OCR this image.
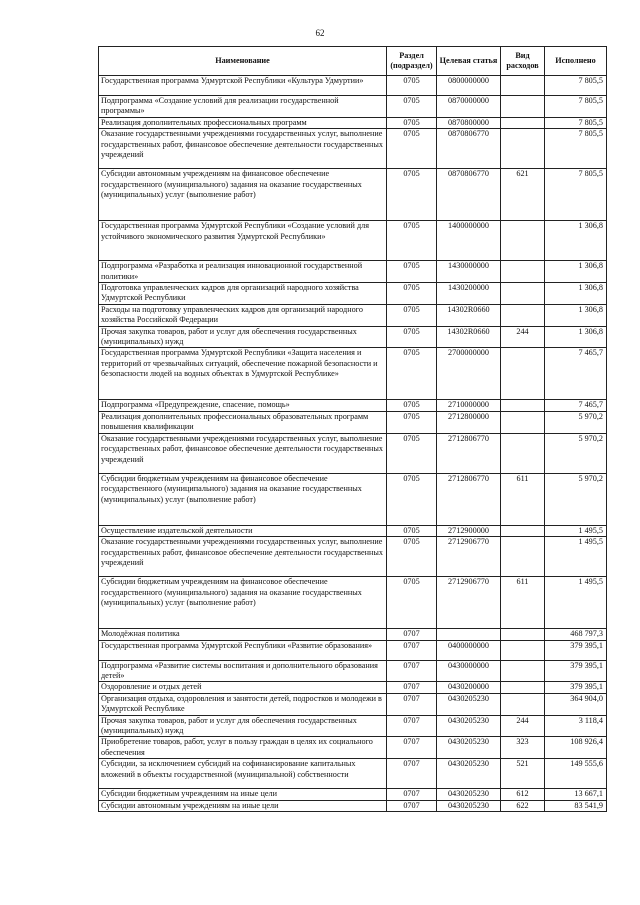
62
Наименование	Раздел (подраздел)	Целевая статья	Вид расходов	Исполнено
Государственная программа Удмуртской Республики «Культура Удмуртии»	0705	0800000000		7 805,5
Подпрограмма «Создание условий для реализации государственной программы»	0705	0870000000		7 805,5
Реализация дополнительных профессиональных программ	0705	0870800000		7 805,5
Оказание государственными учреждениями государственных услуг, выполнение государственных работ, финансовое обеспечение деятельности государственных учреждений	0705	0870806770		7 805,5
Субсидии автономным учреждениям на финансовое обеспечение государственного (муниципального) задания на оказание государственных (муниципальных) услуг (выполнение работ)	0705	0870806770	621	7 805,5
Государственная программа Удмуртской Республики «Создание условий для устойчивого экономического развития Удмуртской Республики»	0705	1400000000		1 306,8
Подпрограмма «Разработка и реализация инновационной государственной политики»	0705	1430000000		1 306,8
Подготовка управленческих кадров для организаций народного хозяйства Удмуртской Республики	0705	1430200000		1 306,8
Расходы на подготовку управленческих кадров для организаций народного хозяйства Российской Федерации	0705	14302R0660		1 306,8
Прочая закупка товаров, работ и услуг для обеспечения государственных (муниципальных) нужд	0705	14302R0660	244	1 306,8
Государственная программа Удмуртской Республики «Защита населения и территорий от чрезвычайных ситуаций, обеспечение пожарной безопасности и безопасности людей на водных объектах в Удмуртской Республике»	0705	2700000000		7 465,7
Подпрограмма «Предупреждение, спасение, помощь»	0705	2710000000		7 465,7
Реализация дополнительных профессиональных образовательных программ повышения квалификации	0705	2712800000		5 970,2
Оказание государственными учреждениями государственных услуг, выполнение государственных работ, финансовое обеспечение деятельности государственных учреждений	0705	2712806770		5 970,2
Субсидии бюджетным учреждениям на финансовое обеспечение государственного (муниципального) задания на оказание государственных (муниципальных) услуг (выполнение работ)	0705	2712806770	611	5 970,2
Осуществление издательской деятельности	0705	2712900000		1 495,5
Оказание государственными учреждениями государственных услуг, выполнение государственных работ, финансовое обеспечение деятельности государственных учреждений	0705	2712906770		1 495,5
Субсидии бюджетным учреждениям на финансовое обеспечение государственного (муниципального) задания на оказание государственных (муниципальных) услуг (выполнение работ)	0705	2712906770	611	1 495,5
Молодёжная политика	0707			468 797,3
Государственная программа Удмуртской Республики «Развитие образования»	0707	0400000000		379 395,1
Подпрограмма «Развитие системы воспитания и дополнительного образования детей»	0707	0430000000		379 395,1
Оздоровление и отдых детей	0707	0430200000		379 395,1
Организация отдыха, оздоровления и занятости детей, подростков и молодежи в Удмуртской Республике	0707	0430205230		364 904,0
Прочая закупка товаров, работ и услуг для обеспечения государственных (муниципальных) нужд	0707	0430205230	244	3 118,4
Приобретение товаров, работ, услуг в пользу граждан в целях их социального обеспечения	0707	0430205230	323	108 926,4
Субсидии, за исключением субсидий на софинансирование капитальных вложений в объекты государственной (муниципальной) собственности	0707	0430205230	521	149 555,6
Субсидии бюджетным учреждениям на иные цели	0707	0430205230	612	13 667,1
Субсидии автономным учреждениям на иные цели	0707	0430205230	622	83 541,9
